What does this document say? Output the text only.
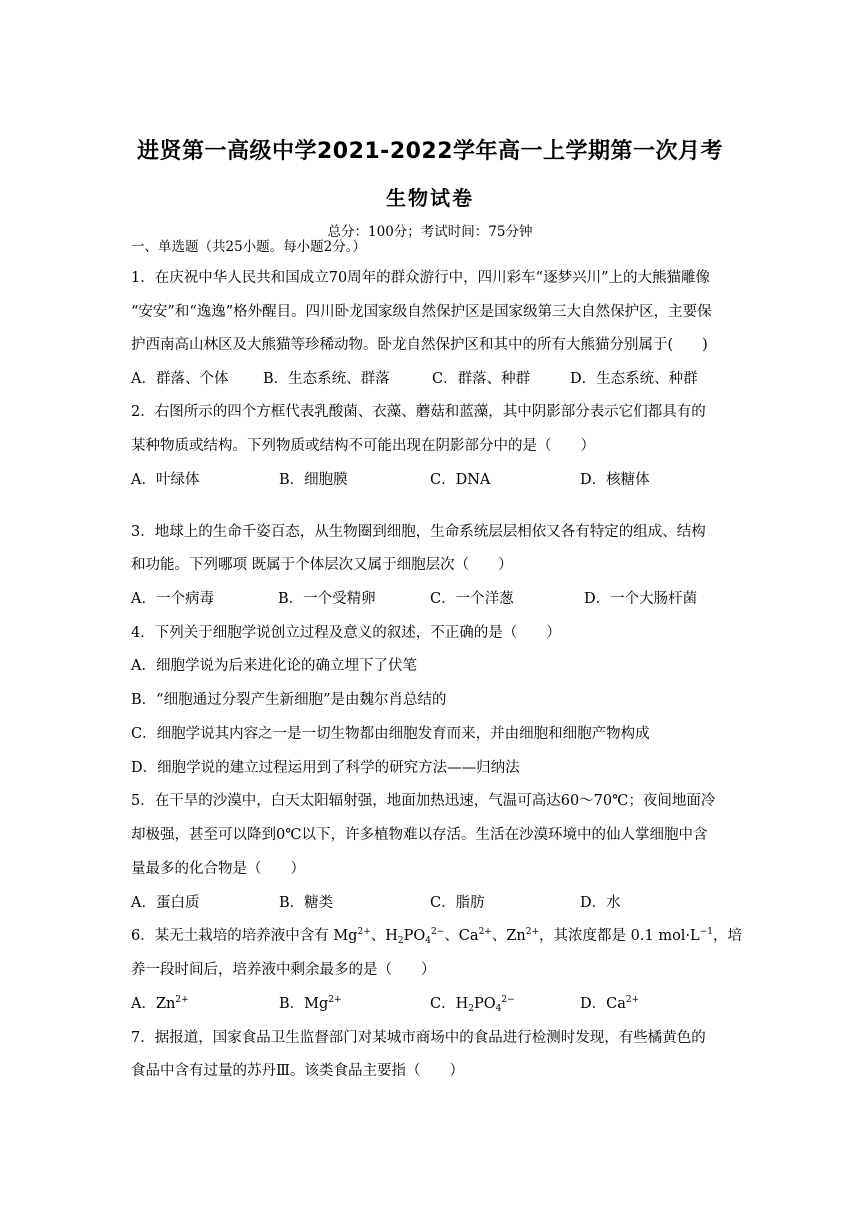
进贤第一高级中学2021-2022学年高一上学期第一次月考
生物试卷
总分：100分；考试时间：75分钟
一、单选题（共25小题。每小题2分。）
1．在庆祝中华人民共和国成立70周年的群众游行中，四川彩车“逐梦兴川”上的大熊猫雕像
“安安”和“逸逸”格外醒目。四川卧龙国家级自然保护区是国家级第三大自然保护区，主要保
护西南高山林区及大熊猫等珍稀动物。卧龙自然保护区和其中的所有大熊猫分别属于(　　)
A．群落、个体 B．生态系统、群落	C．群落、种群	D．生态系统、种群
2．右图所示的四个方框代表乳酸菌、衣藻、蘑菇和蓝藻，其中阴影部分表示它们都具有的
某种物质或结构。下列物质或结构不可能出现在阴影部分中的是（　　）
A．叶绿体	B．细胞膜	C．DNA	D．核糖体
3．地球上的生命千姿百态，从生物圈到细胞，生命系统层层相依又各有特定的组成、结构
和功能。下列哪项 既属于个体层次又属于细胞层次（　　）
A．一个病毒	B．一个受精卵	C．一个洋葱	D．一个大肠杆菌
4．下列关于细胞学说创立过程及意义的叙述，不正确的是（　　）
A．细胞学说为后来进化论的确立埋下了伏笔
B．“细胞通过分裂产生新细胞”是由魏尔肖总结的
C．细胞学说其内容之一是一切生物都由细胞发育而来，并由细胞和细胞产物构成
D．细胞学说的建立过程运用到了科学的研究方法——归纳法
5．在干旱的沙漠中，白天太阳辐射强，地面加热迅速，气温可高达60～70℃；夜间地面冷
却极强，甚至可以降到0℃以下，许多植物难以存活。生活在沙漠环境中的仙人掌细胞中含
量最多的化合物是（　　）
A．蛋白质	B．糖类	C．脂肪	D．水
6．某无土栽培的培养液中含有 $Mg^{2+}$、$H_2PO_4^{2-}$、$Ca^{2+}$、$Zn^{2+}$，其浓度都是 0.1 $mol\cdot L^{-1}$，培
养一段时间后，培养液中剩余最多的是（　　）
A．$Zn^{2+}$	B．$Mg^{2+}$	C．$H_2PO_4^{2-}$	D．$Ca^{2+}$
7．据报道，国家食品卫生监督部门对某城市商场中的食品进行检测时发现，有些橘黄色的
食品中含有过量的苏丹Ⅲ。该类食品主要指（　　）
